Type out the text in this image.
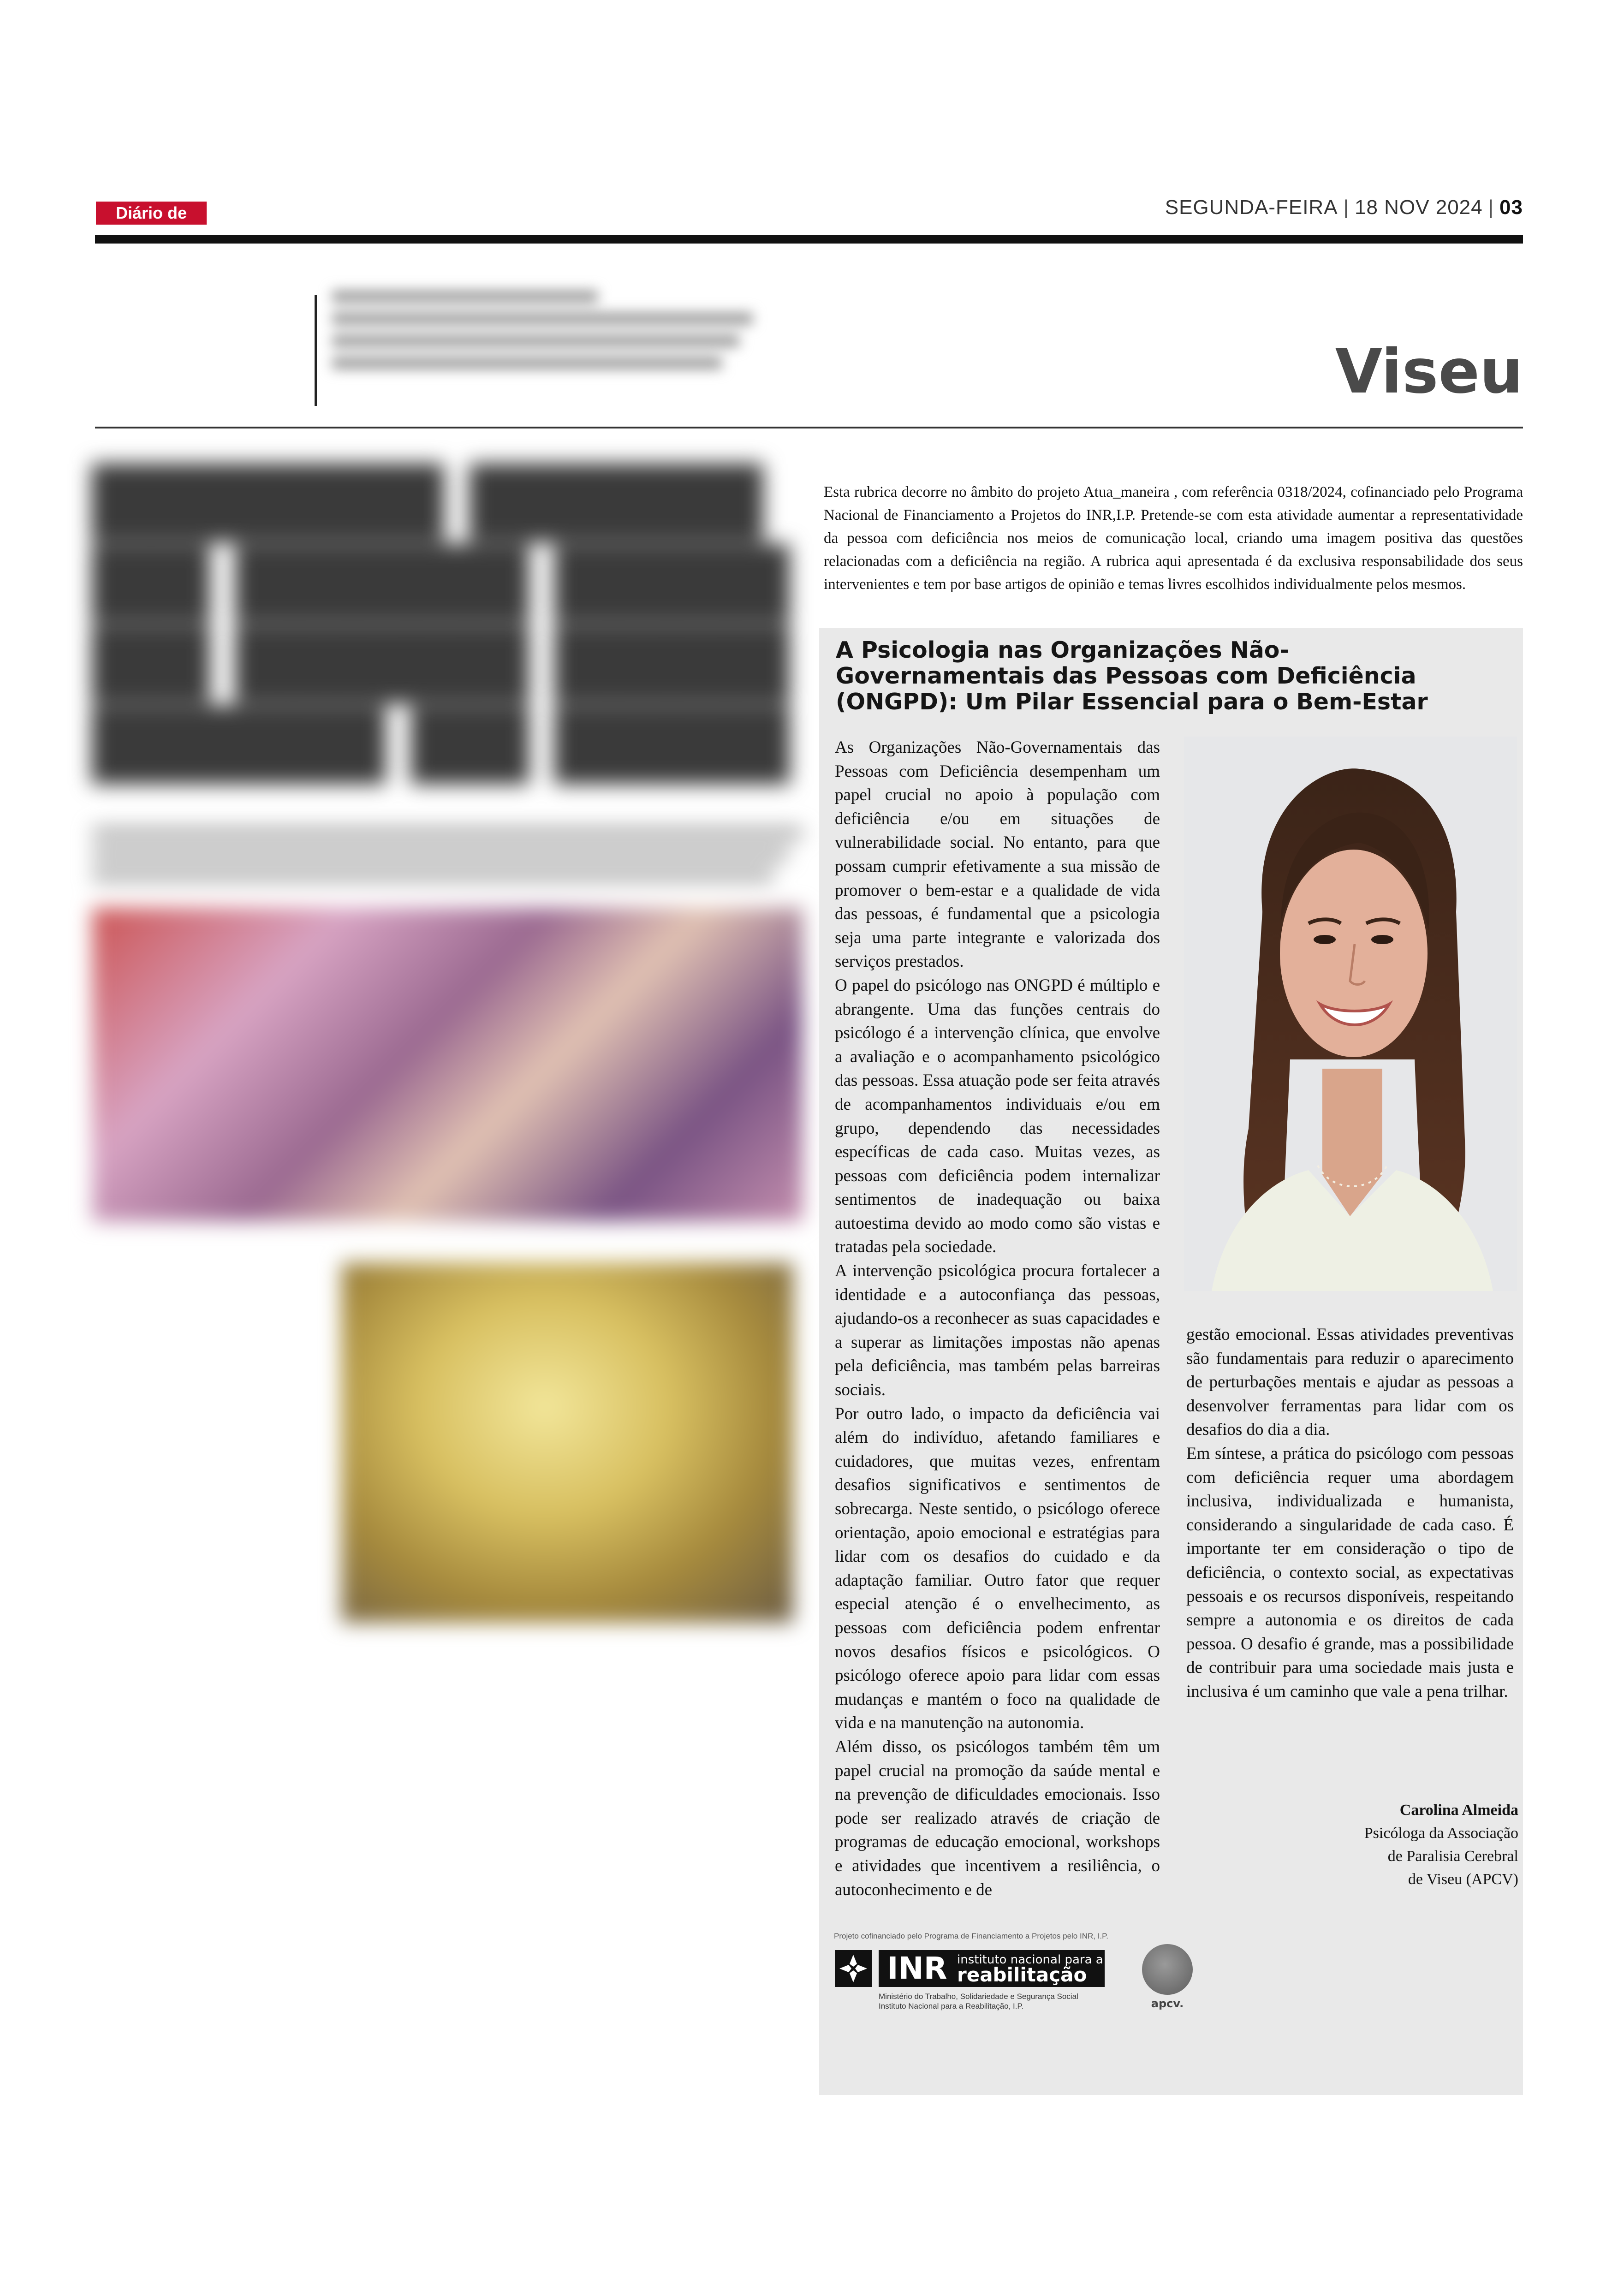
Diário de	SEGUNDA-FEIRA | 18 NOV 2024 | 03
Viseu
▇▇▇▇▇▇ ▇▇▇▇▇
▇▇ ▇▇▇▇▇ ▇▇▇▇
▇▇ ▇▇▇▇▇ ▇▇▇▇
▇▇▇▇▇ ▇▇ ▇▇▇▇
Esta rubrica decorre no âmbito do projeto Atua_maneira , com referência 0318/2024, cofinanciado pelo Programa Nacional de Financiamento a Projetos do INR,I.P. Pretende-se com esta atividade aumentar a representatividade da pessoa com deficiência nos meios de comunicação local, criando uma imagem positiva das questões relacionadas com a deficiência na região. A rubrica aqui apresentada é da exclusiva responsabilidade dos seus intervenientes e tem por base artigos de opinião e temas livres escolhidos individualmente pelos mesmos.
A Psicologia nas Organizações Não-Governamentais das Pessoas com Deficiência (ONGPD): Um Pilar Essencial para o Bem-Estar

As Organizações Não-Governamentais das Pessoas com Deficiência desempenham um papel crucial no apoio à população com deficiência e/ou em situações de vulnerabilidade social. No entanto, para que possam cumprir efetivamente a sua missão de promover o bem-estar e a qualidade de vida das pessoas, é fundamental que a psicologia seja uma parte integrante e valorizada dos serviços prestados.

O papel do psicólogo nas ONGPD é múltiplo e abrangente. Uma das funções centrais do psicólogo é a intervenção clínica, que envolve a avaliação e o acompanhamento psicológico das pessoas. Essa atuação pode ser feita através de acompanhamentos individuais e/ou em grupo, dependendo das necessidades específicas de cada caso. Muitas vezes, as pessoas com deficiência podem internalizar sentimentos de inadequação ou baixa autoestima devido ao modo como são vistas e tratadas pela sociedade.

A intervenção psicológica procura fortalecer a identidade e a autoconfiança das pessoas, ajudando-os a reconhecer as suas capacidades e a superar as limitações impostas não apenas pela deficiência, mas também pelas barreiras sociais.

Por outro lado, o impacto da deficiência vai além do indivíduo, afetando familiares e cuidadores, que muitas vezes, enfrentam desafios significativos e sentimentos de sobrecarga. Neste sentido, o psicólogo oferece orientação, apoio emocional e estratégias para lidar com os desafios do cuidado e da adaptação familiar. Outro fator que requer especial atenção é o envelhecimento, as pessoas com deficiência podem enfrentar novos desafios físicos e psicológicos. O psicólogo oferece apoio para lidar com essas mudanças e mantém o foco na qualidade de vida e na manutenção na autonomia.

Além disso, os psicólogos também têm um papel crucial na promoção da saúde mental e na prevenção de dificuldades emocionais. Isso pode ser realizado através de criação de programas de educação emocional, workshops e atividades que incentivem a resiliência, o autoconhecimento e de

gestão emocional. Essas atividades preventivas são fundamentais para reduzir o aparecimento de perturbações mentais e ajudar as pessoas a desenvolver ferramentas para lidar com os desafios do dia a dia.

Em síntese, a prática do psicólogo com pessoas com deficiência requer uma abordagem inclusiva, individualizada e humanista, considerando a singularidade de cada caso. É importante ter em consideração o tipo de deficiência, o contexto social, as expectativas pessoais e os recursos disponíveis, respeitando sempre a autonomia e os direitos de cada pessoa. O desafio é grande, mas a possibilidade de contribuir para uma sociedade mais justa e inclusiva é um caminho que vale a pena trilhar.

Carolina Almeida
Psicóloga da Associação
de Paralisia Cerebral
de Viseu (APCV)
Projeto cofinanciado pelo Programa de Financiamento a Projetos pelo INR, I.P.
INR instituto nacional para a
reabilitação
Ministério do Trabalho, Solidariedade e Segurança Social
Instituto Nacional para a Reabilitação, I.P.	apcv.
